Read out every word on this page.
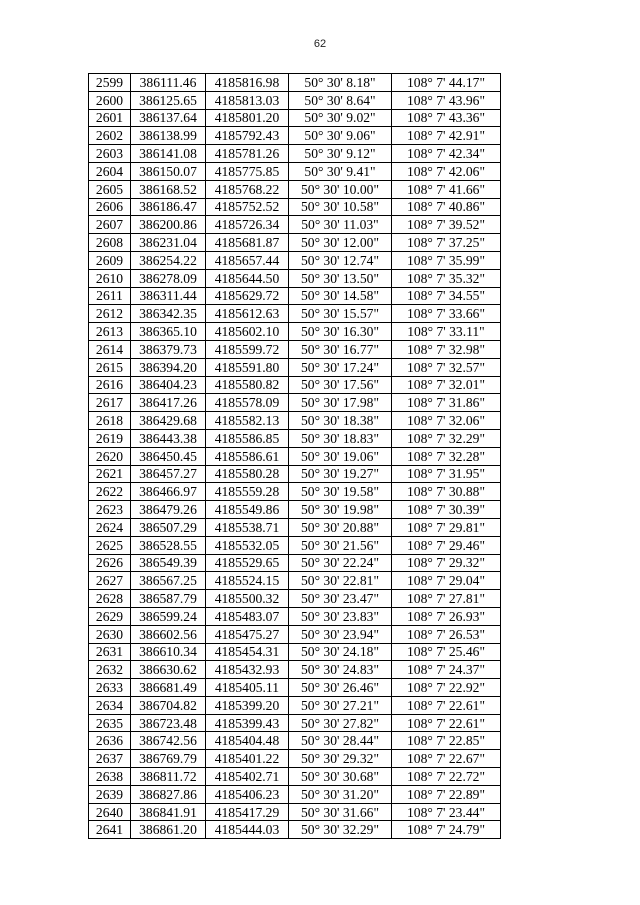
62
2599	386111.46	4185816.98	50° 30' 8.18"	108° 7' 44.17"
2600	386125.65	4185813.03	50° 30' 8.64"	108° 7' 43.96"
2601	386137.64	4185801.20	50° 30' 9.02"	108° 7' 43.36"
2602	386138.99	4185792.43	50° 30' 9.06"	108° 7' 42.91"
2603	386141.08	4185781.26	50° 30' 9.12"	108° 7' 42.34"
2604	386150.07	4185775.85	50° 30' 9.41"	108° 7' 42.06"
2605	386168.52	4185768.22	50° 30' 10.00"	108° 7' 41.66"
2606	386186.47	4185752.52	50° 30' 10.58"	108° 7' 40.86"
2607	386200.86	4185726.34	50° 30' 11.03"	108° 7' 39.52"
2608	386231.04	4185681.87	50° 30' 12.00"	108° 7' 37.25"
2609	386254.22	4185657.44	50° 30' 12.74"	108° 7' 35.99"
2610	386278.09	4185644.50	50° 30' 13.50"	108° 7' 35.32"
2611	386311.44	4185629.72	50° 30' 14.58"	108° 7' 34.55"
2612	386342.35	4185612.63	50° 30' 15.57"	108° 7' 33.66"
2613	386365.10	4185602.10	50° 30' 16.30"	108° 7' 33.11"
2614	386379.73	4185599.72	50° 30' 16.77"	108° 7' 32.98"
2615	386394.20	4185591.80	50° 30' 17.24"	108° 7' 32.57"
2616	386404.23	4185580.82	50° 30' 17.56"	108° 7' 32.01"
2617	386417.26	4185578.09	50° 30' 17.98"	108° 7' 31.86"
2618	386429.68	4185582.13	50° 30' 18.38"	108° 7' 32.06"
2619	386443.38	4185586.85	50° 30' 18.83"	108° 7' 32.29"
2620	386450.45	4185586.61	50° 30' 19.06"	108° 7' 32.28"
2621	386457.27	4185580.28	50° 30' 19.27"	108° 7' 31.95"
2622	386466.97	4185559.28	50° 30' 19.58"	108° 7' 30.88"
2623	386479.26	4185549.86	50° 30' 19.98"	108° 7' 30.39"
2624	386507.29	4185538.71	50° 30' 20.88"	108° 7' 29.81"
2625	386528.55	4185532.05	50° 30' 21.56"	108° 7' 29.46"
2626	386549.39	4185529.65	50° 30' 22.24"	108° 7' 29.32"
2627	386567.25	4185524.15	50° 30' 22.81"	108° 7' 29.04"
2628	386587.79	4185500.32	50° 30' 23.47"	108° 7' 27.81"
2629	386599.24	4185483.07	50° 30' 23.83"	108° 7' 26.93"
2630	386602.56	4185475.27	50° 30' 23.94"	108° 7' 26.53"
2631	386610.34	4185454.31	50° 30' 24.18"	108° 7' 25.46"
2632	386630.62	4185432.93	50° 30' 24.83"	108° 7' 24.37"
2633	386681.49	4185405.11	50° 30' 26.46"	108° 7' 22.92"
2634	386704.82	4185399.20	50° 30' 27.21"	108° 7' 22.61"
2635	386723.48	4185399.43	50° 30' 27.82"	108° 7' 22.61"
2636	386742.56	4185404.48	50° 30' 28.44"	108° 7' 22.85"
2637	386769.79	4185401.22	50° 30' 29.32"	108° 7' 22.67"
2638	386811.72	4185402.71	50° 30' 30.68"	108° 7' 22.72"
2639	386827.86	4185406.23	50° 30' 31.20"	108° 7' 22.89"
2640	386841.91	4185417.29	50° 30' 31.66"	108° 7' 23.44"
2641	386861.20	4185444.03	50° 30' 32.29"	108° 7' 24.79"
